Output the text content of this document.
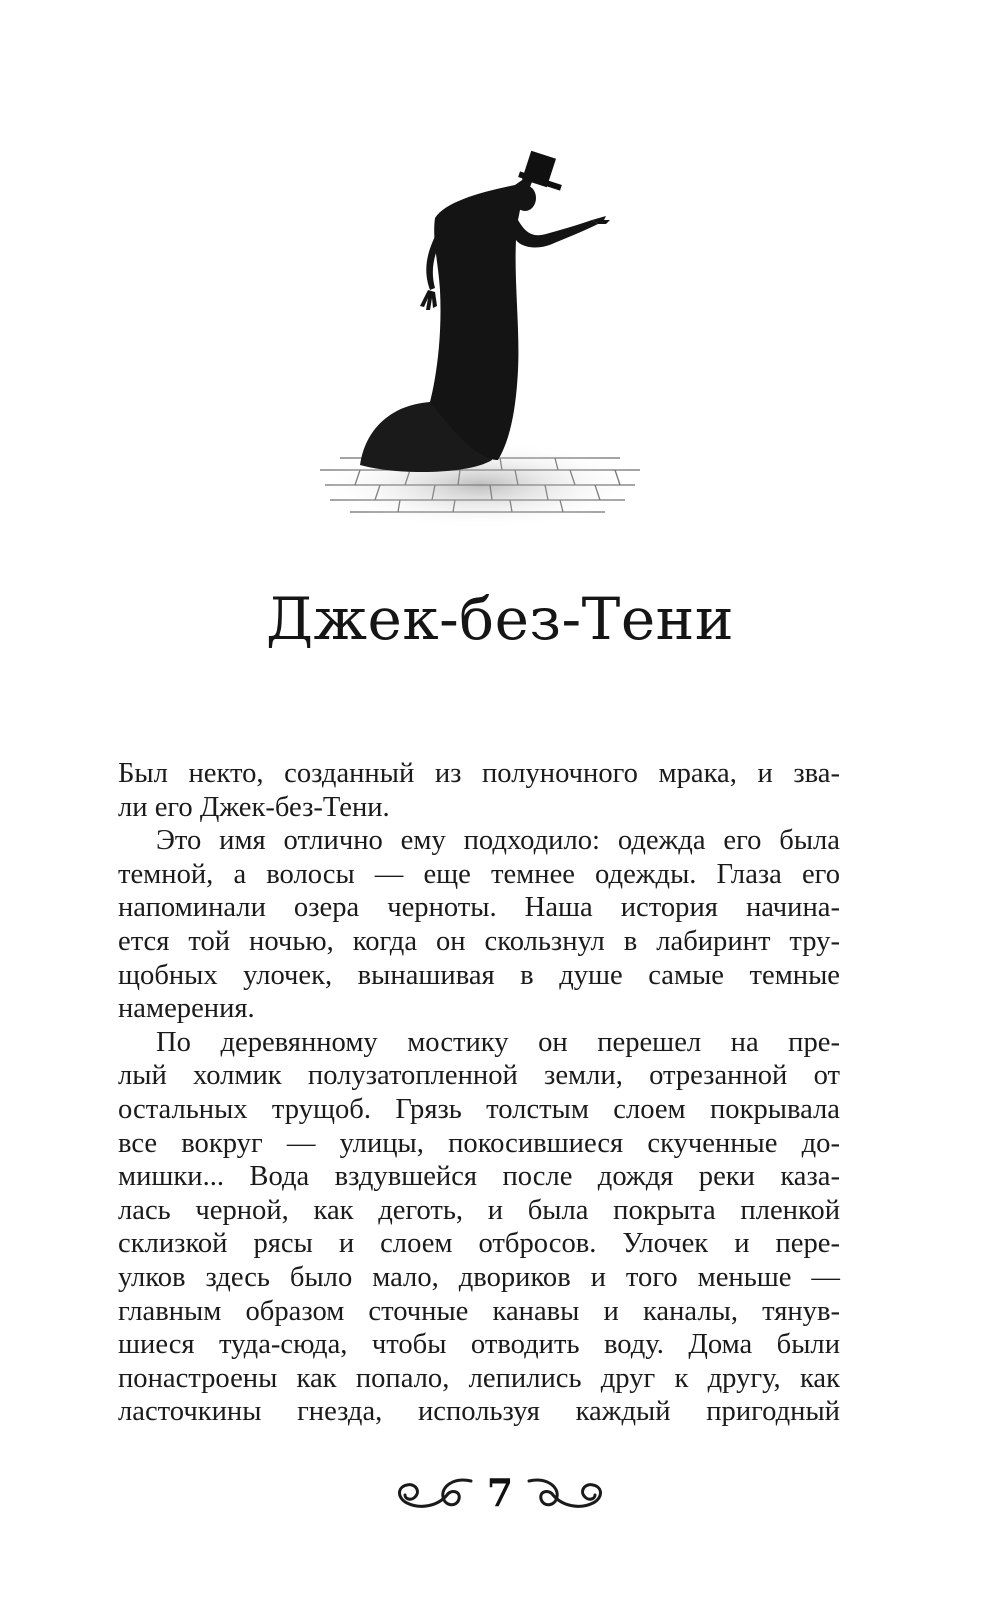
Джек-без-Тени
Был некто, созданный из полуночного мрака, и зва-
ли его Джек-без-Тени.
Это имя отлично ему подходило: одежда его была
темной, а волосы — еще темнее одежды. Глаза его
напоминали озера черноты. Наша история начина-
ется той ночью, когда он скользнул в лабиринт тру-
щобных улочек, вынашивая в душе самые темные
намерения.
По деревянному мостику он перешел на пре-
лый холмик полузатопленной земли, отрезанной от
остальных трущоб. Грязь толстым слоем покрывала
все вокруг — улицы, покосившиеся скученные до-
мишки... Вода вздувшейся после дождя реки каза-
лась черной, как деготь, и была покрыта пленкой
склизкой рясы и слоем отбросов. Улочек и пере-
улков здесь было мало, двориков и того меньше —
главным образом сточные канавы и каналы, тянув-
шиеся туда-сюда, чтобы отводить воду. Дома были
понастроены как попало, лепились друг к другу, как
ласточкины гнезда, используя каждый пригодный
7
